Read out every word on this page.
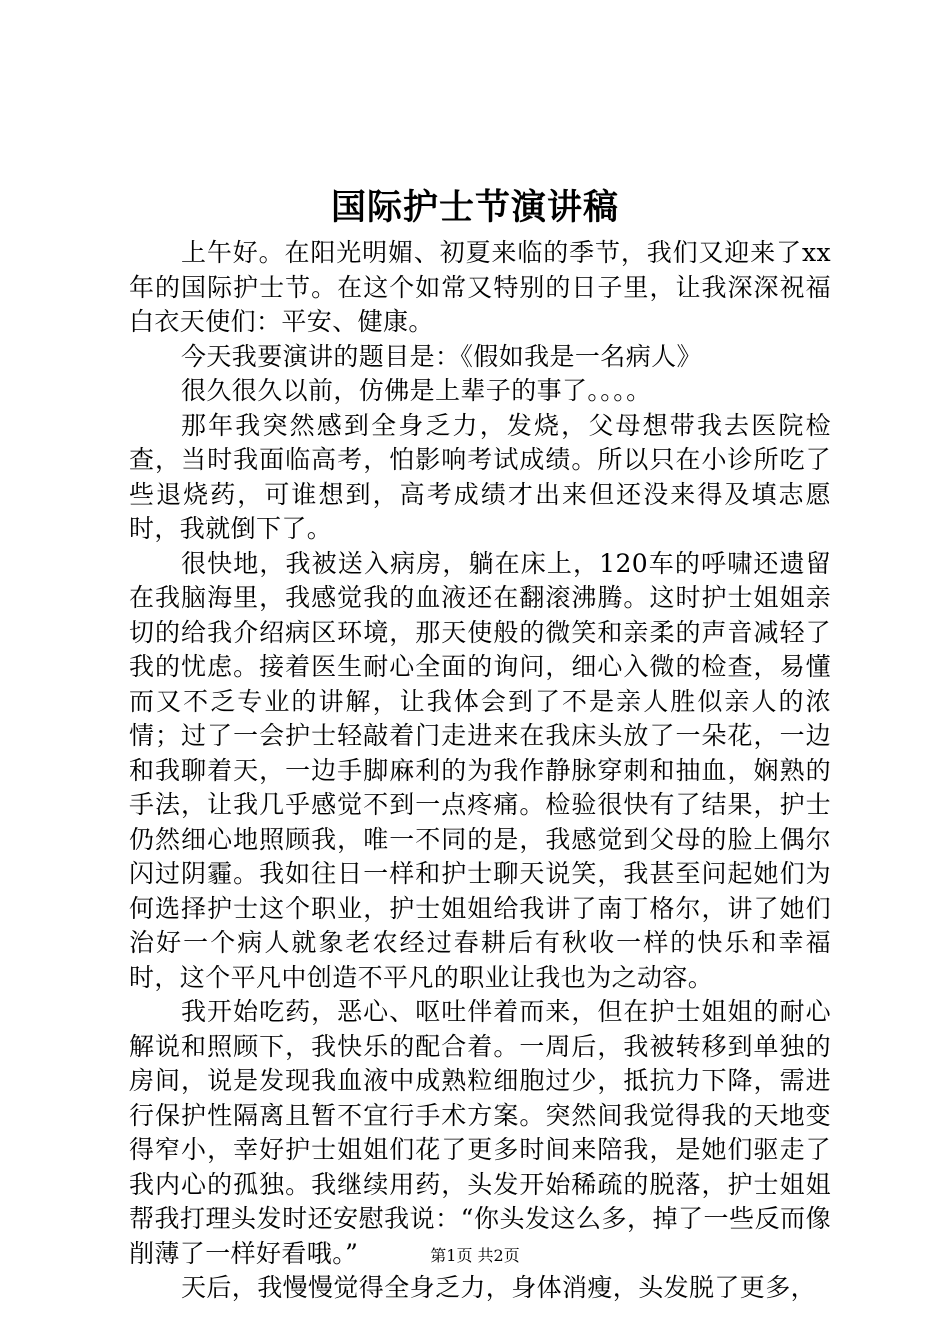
国际护士节演讲稿

上午好。在阳光明媚、初夏来临的季节，我们又迎来了xx年的国际护士节。在这个如常又特别的日子里，让我深深祝福白衣天使们：平安、健康。

今天我要演讲的题目是：《假如我是一名病人》

很久很久以前，仿佛是上辈子的事了。。。。

那年我突然感到全身乏力，发烧，父母想带我去医院检查，当时我面临高考，怕影响考试成绩。所以只在小诊所吃了些退烧药，可谁想到，高考成绩才出来但还没来得及填志愿时，我就倒下了。

很快地，我被送入病房，躺在床上，120车的呼啸还遗留在我脑海里，我感觉我的血液还在翻滚沸腾。这时护士姐姐亲切的给我介绍病区环境，那天使般的微笑和亲柔的声音减轻了我的忧虑。接着医生耐心全面的询问，细心入微的检查，易懂而又不乏专业的讲解，让我体会到了不是亲人胜似亲人的浓情；过了一会护士轻敲着门走进来在我床头放了一朵花，一边和我聊着天，一边手脚麻利的为我作静脉穿刺和抽血，娴熟的手法，让我几乎感觉不到一点疼痛。检验很快有了结果，护士仍然细心地照顾我，唯一不同的是，我感觉到父母的脸上偶尔闪过阴霾。我如往日一样和护士聊天说笑，我甚至问起她们为何选择护士这个职业，护士姐姐给我讲了南丁格尔，讲了她们治好一个病人就象老农经过春耕后有秋收一样的快乐和幸福时，这个平凡中创造不平凡的职业让我也为之动容。

我开始吃药，恶心、呕吐伴着而来，但在护士姐姐的耐心解说和照顾下，我快乐的配合着。一周后，我被转移到单独的房间，说是发现我血液中成熟粒细胞过少，抵抗力下降，需进行保护性隔离且暂不宜行手术方案。突然间我觉得我的天地变得窄小，幸好护士姐姐们花了更多时间来陪我，是她们驱走了我内心的孤独。我继续用药，头发开始稀疏的脱落，护士姐姐帮我打理头发时还安慰我说：“你头发这么多，掉了一些反而像削薄了一样好看哦。”

天后，我慢慢觉得全身乏力，身体消瘦，头发脱了更多，

第1页 共2页
